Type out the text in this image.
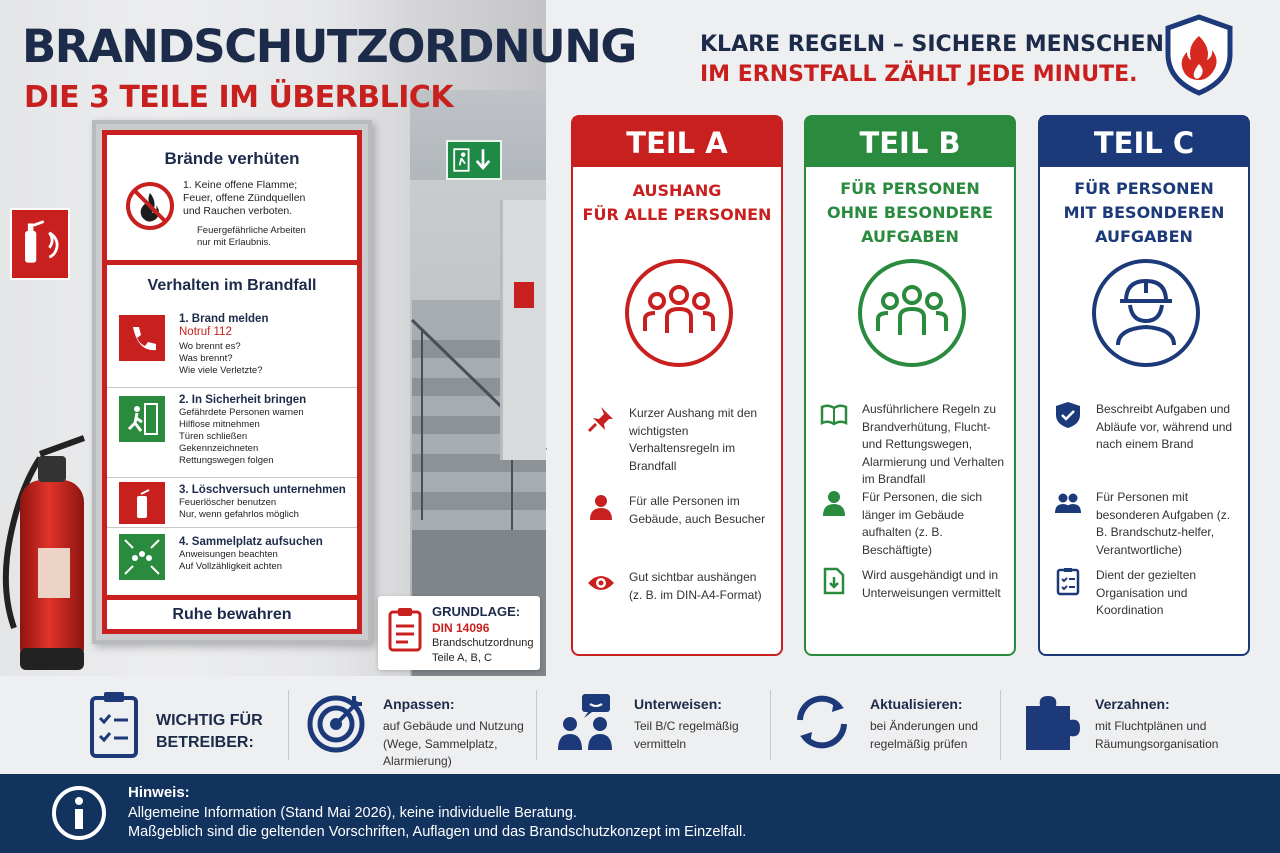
BRANDSCHUTZORDNUNG
DIE 3 TEILE IM ÜBERBLICK
Brände verhüten
1. Keine offene Flamme;
Feuer, offene Zündquellen
und Rauchen verboten.
Feuergefährliche Arbeiten
nur mit Erlaubnis.
Verhalten im Brandfall
1. Brand melden
Notruf 112
Wo brennt es?
Was brennt?
Wie viele Verletzte?
2. In Sicherheit bringen
Gefährdete Personen warnen
Hilflose mitnehmen
Türen schließen
Gekennzeichneten
Rettungswegen folgen
3. Löschversuch unternehmen
Feuerlöscher benutzen
Nur, wenn gefahrlos möglich
4. Sammelplatz aufsuchen
Anweisungen beachten
Auf Vollzähligkeit achten
Ruhe bewahren	GRUNDLAGE:
DIN 14096
Brandschutzordnung
Teile A, B, C
KLARE REGELN – SICHERE MENSCHEN
IM ERNSTFALL ZÄHLT JEDE MINUTE.
TEIL A
AUSHANG
FÜR ALLE PERSONEN
Kurzer Aushang mit den wichtigsten Verhaltensregeln im Brandfall
Für alle Personen im Gebäude, auch Besucher
Gut sichtbar aushängen (z. B. im DIN-A4-Format)
TEIL B
FÜR PERSONEN
OHNE BESONDERE
AUFGABEN
Ausführlichere Regeln zu Brandverhütung, Flucht- und Rettungswegen, Alarmierung und Verhalten im Brandfall
Für Personen, die sich länger im Gebäude aufhalten (z. B. Beschäftigte)
Wird ausgehändigt und in Unterweisungen vermittelt
TEIL C
FÜR PERSONEN
MIT BESONDEREN
AUFGABEN
Beschreibt Aufgaben und Abläufe vor, während und nach einem Brand
Für Personen mit besonderen Aufgaben (z. B. Brandschutz-helfer, Verantwortliche)
Dient der gezielten Organisation und Koordination
WICHTIG FÜR
BETREIBER:
Anpassen:
auf Gebäude und Nutzung
(Wege, Sammelplatz,
Alarmierung)
Unterweisen:
Teil B/C regelmäßig
vermitteln
Aktualisieren:
bei Änderungen und
regelmäßig prüfen
Verzahnen:
mit Fluchtplänen und
Räumungsorganisation
Hinweis:
Allgemeine Information (Stand Mai 2026), keine individuelle Beratung.
Maßgeblich sind die geltenden Vorschriften, Auflagen und das Brandschutzkonzept im Einzelfall.
